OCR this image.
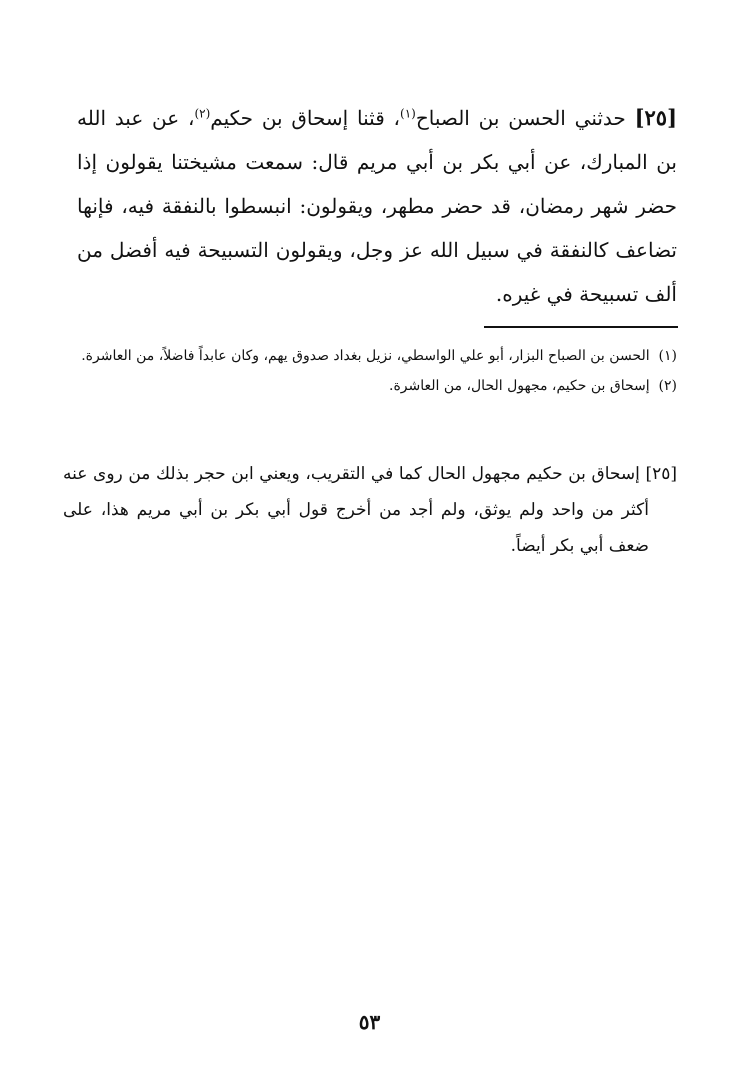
[٢٥] حدثني الحسن بن الصباح$^{(١)}$، قثنا إسحاق بن حكيم$^{(٢)}$، عن عبد الله بن المبارك، عن أبي بكر بن أبي مريم قال: سمعت مشيختنا يقولون إذا حضر شهر رمضان، قد حضر مطهر، ويقولون: انبسطوا بالنفقة فيه، فإنها تضاعف كالنفقة في سبيل الله عز وجل، ويقولون التسبيحة فيه أفضل من ألف تسبيحة في غيره.

(١)  الحسن بن الصباح البزار، أبو علي الواسطي، نزيل بغداد صدوق يهم، وكان عابداً فاضلاً، من العاشرة.

(٢)  إسحاق بن حكيم، مجهول الحال، من العاشرة.

[٢٥] إسحاق بن حكيم مجهول الحال كما في التقريب، ويعني ابن حجر بذلك من روى عنه أكثر من واحد ولم يوثق، ولم أجد من أخرج قول أبي بكر بن أبي مريم هذا، على ضعف أبي بكر أيضاً.

٥٣
